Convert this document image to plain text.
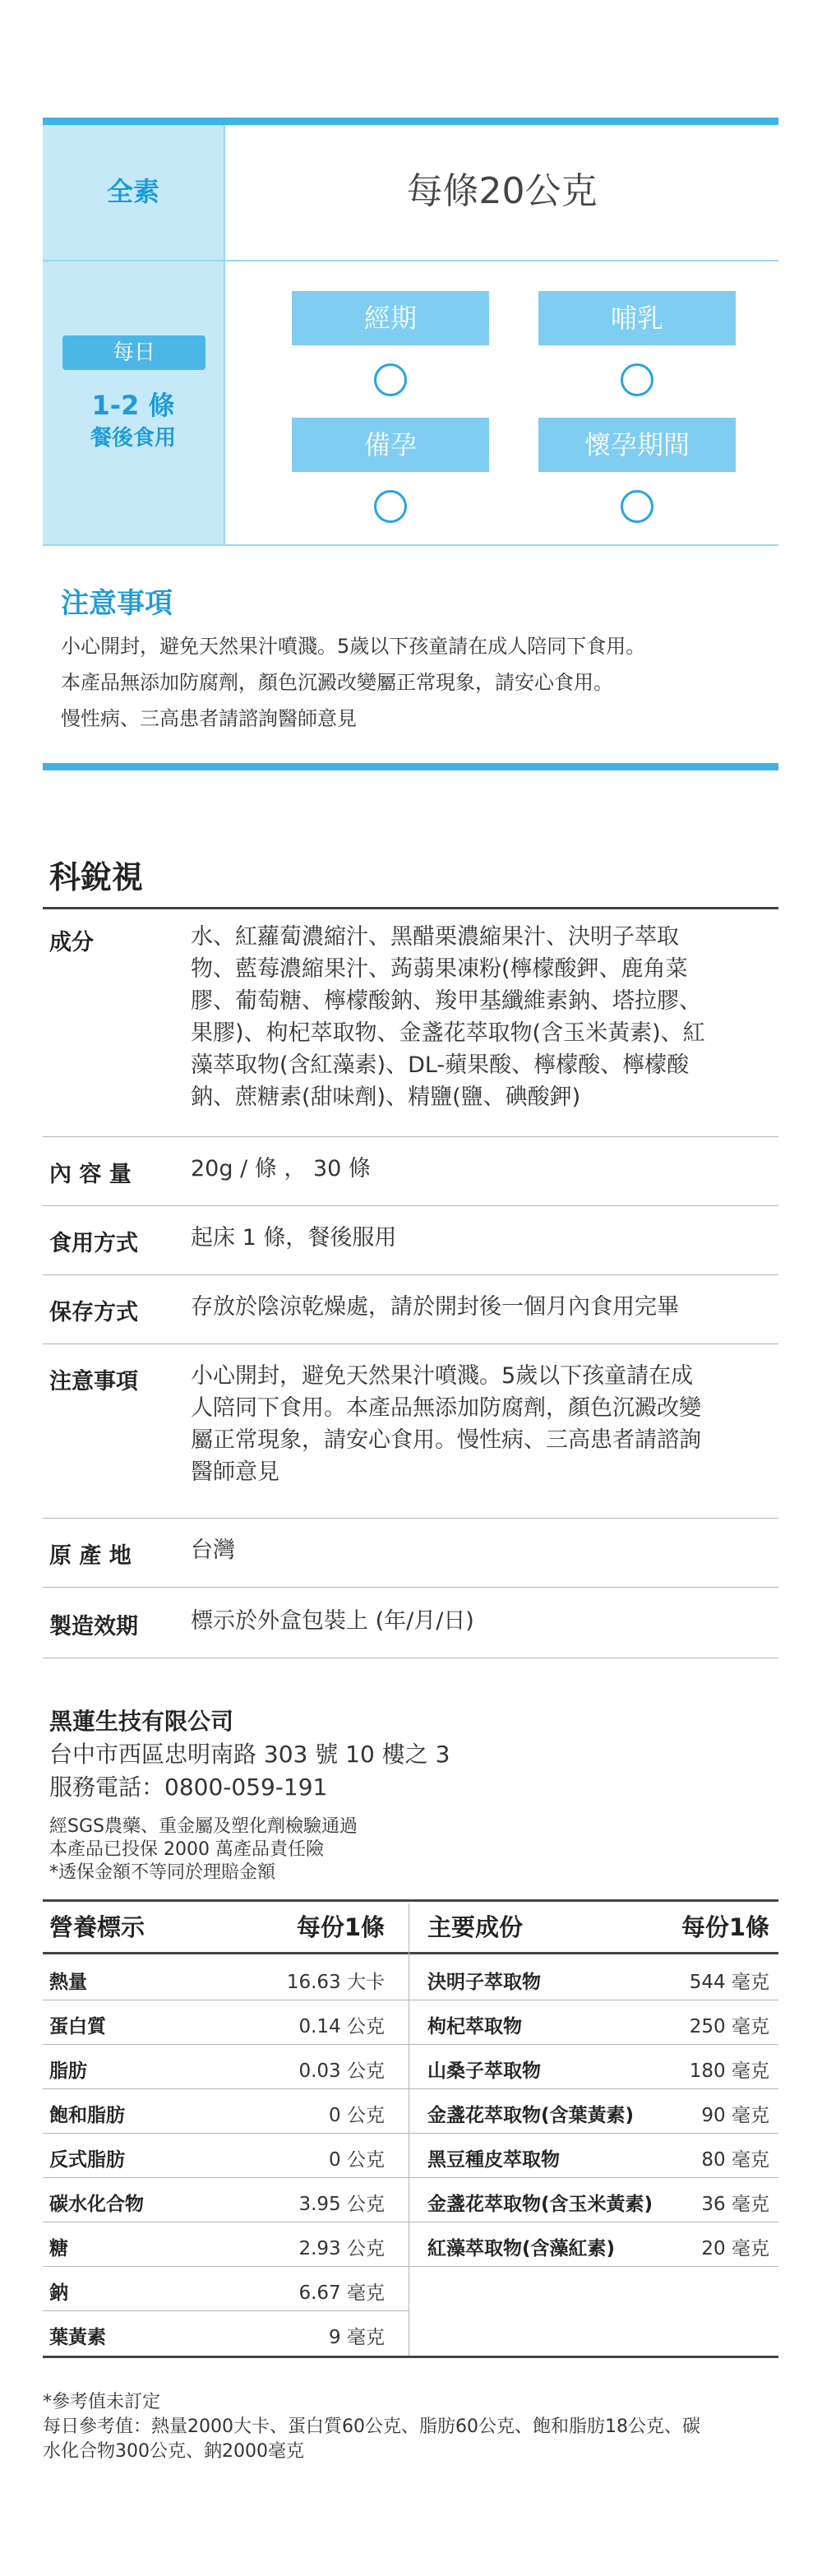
全素	每條20公克
每日
1-2 條
餐後食用
經期	哺乳
備孕	懷孕期間
注意事項
小心開封，避免天然果汁噴濺。5歲以下孩童請在成人陪同下食用。
本產品無添加防腐劑，顏色沉澱改變屬正常現象，請安心食用。
慢性病、三高患者請諮詢醫師意見
科銳視
成分	水、紅蘿蔔濃縮汁、黑醋栗濃縮果汁、決明子萃取
物、藍莓濃縮果汁、蒟蒻果凍粉(檸檬酸鉀、鹿角菜
膠、葡萄糖、檸檬酸鈉、羧甲基纖維素鈉、塔拉膠、
果膠)、枸杞萃取物、金盞花萃取物(含玉米黃素)、紅
藻萃取物(含紅藻素)、DL-蘋果酸、檸檬酸、檸檬酸
鈉、蔗糖素(甜味劑)、精鹽(鹽、碘酸鉀)
內 容 量	20g / 條 ， 30 條
食用方式 起床 1 條，餐後服用
保存方式 存放於陰涼乾燥處，請於開封後一個月內食用完畢
注意事項 小心開封，避免天然果汁噴濺。5歲以下孩童請在成
人陪同下食用。本產品無添加防腐劑，顏色沉澱改變
屬正常現象，請安心食用。慢性病、三高患者請諮詢
醫師意見
原 產 地	台灣
製造效期 標示於外盒包裝上 (年/月/日)
黑蓮生技有限公司
台中市西區忠明南路 303 號 10 樓之 3
服務電話：0800-059-191
經SGS農藥、重金屬及塑化劑檢驗通過
本產品已投保 2000 萬產品責任險
*透保金額不等同於理賠金額
營養標示	每份1條 主要成份	每份1條
熱量	16.63 大卡
蛋白質	0.14 公克
脂肪	0.03 公克
飽和脂肪	0 公克
反式脂肪	0 公克
碳水化合物	3.95 公克
糖	2.93 公克
鈉	6.67 毫克
葉黃素	9 毫克
決明子萃取物	544 毫克
枸杞萃取物	250 毫克
山桑子萃取物	180 毫克
金盞花萃取物(含葉黃素)	90 毫克
黑豆種皮萃取物	80 毫克
金盞花萃取物(含玉米黃素)	36 毫克
紅藻萃取物(含藻紅素)	20 毫克
*參考值未訂定
每日參考值：熱量2000大卡、蛋白質60公克、脂肪60公克、飽和脂肪18公克、碳
水化合物300公克、鈉2000毫克
